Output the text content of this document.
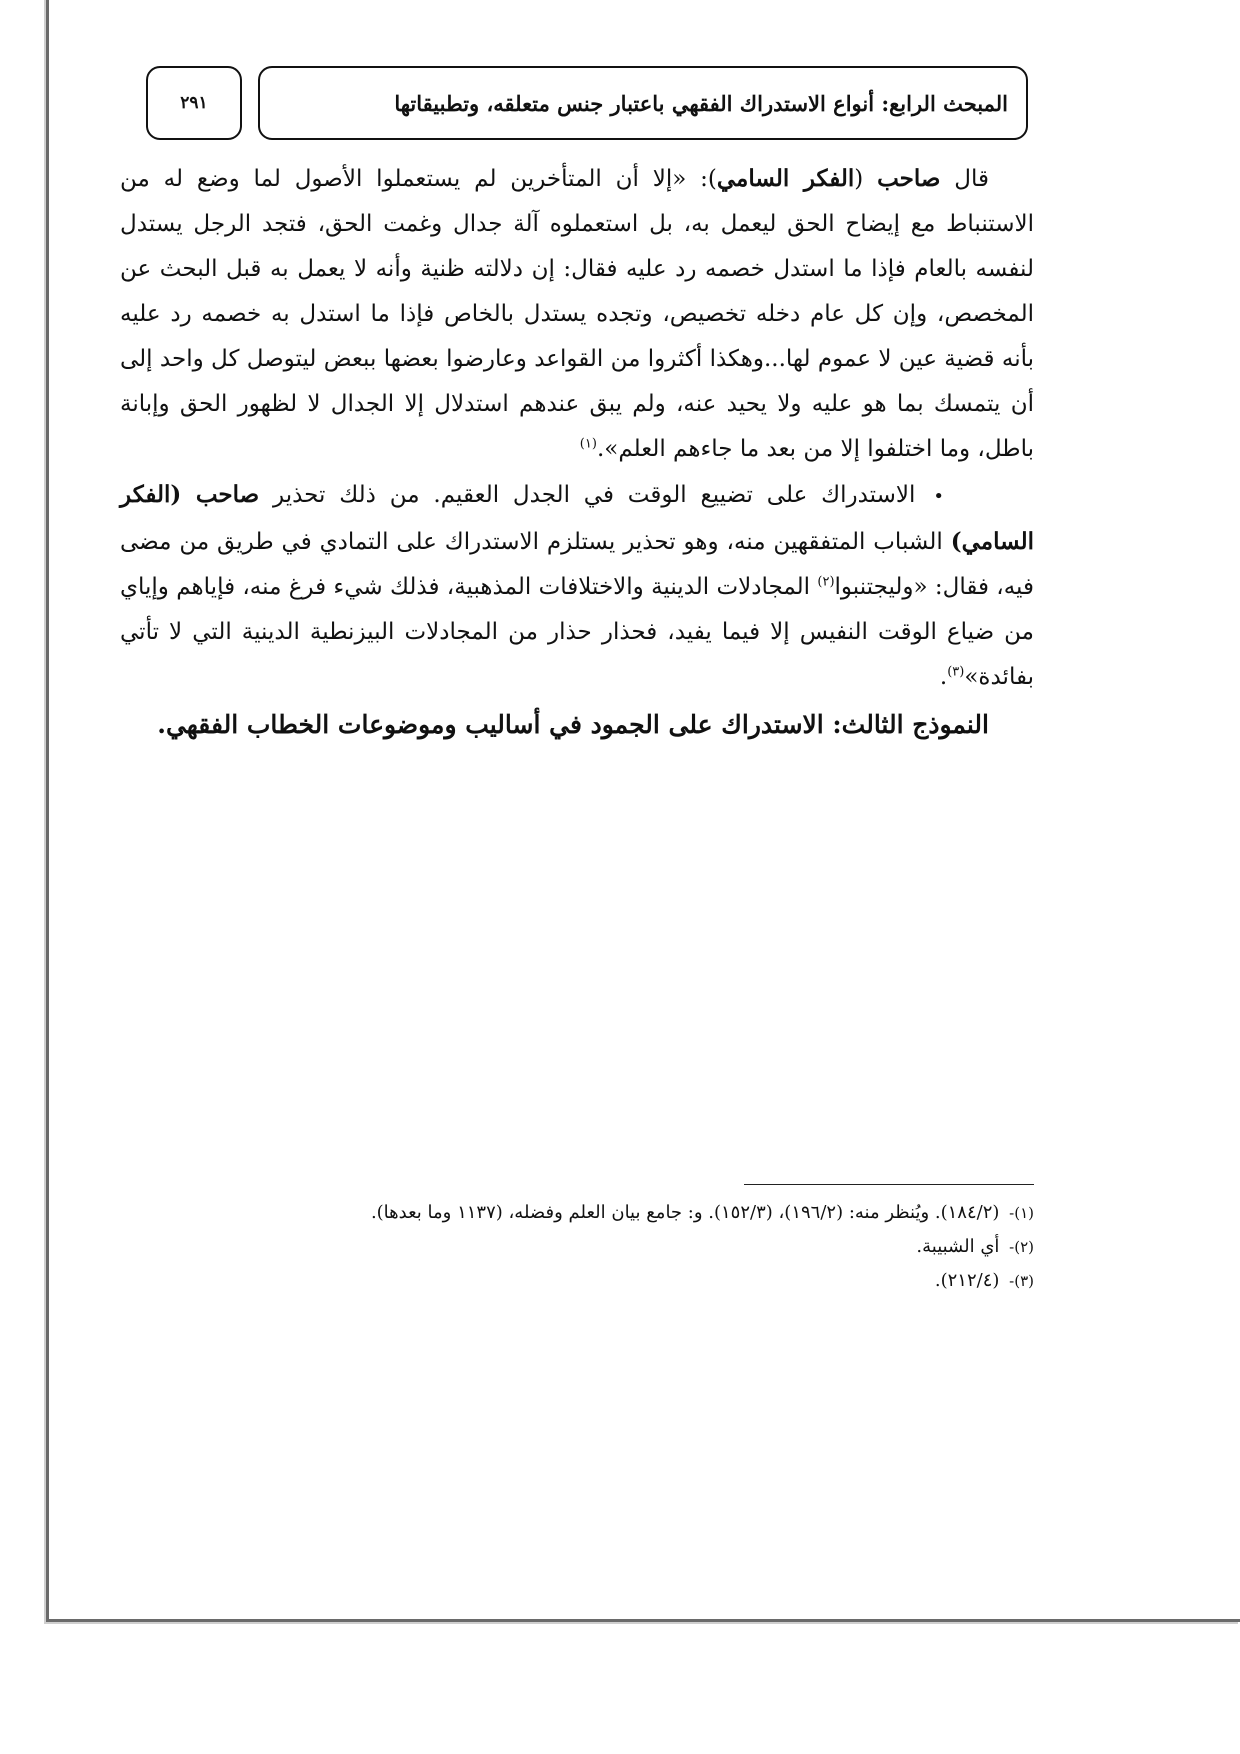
المبحث الرابع: أنواع الاستدراك الفقهي باعتبار جنس متعلقه، وتطبيقاتها
٢٩١

قال صاحب (الفكر السامي): «إلا أن المتأخرين لم يستعملوا الأصول لما وضع له من الاستنباط مع إيضاح الحق ليعمل به، بل استعملوه آلة جدال وغمت الحق، فتجد الرجل يستدل لنفسه بالعام فإذا ما استدل خصمه رد عليه فقال: إن دلالته ظنية وأنه لا يعمل به قبل البحث عن المخصص، وإن كل عام دخله تخصيص، وتجده يستدل بالخاص فإذا ما استدل به خصمه رد عليه بأنه قضية عين لا عموم لها...وهكذا أكثروا من القواعد وعارضوا بعضها ببعض ليتوصل كل واحد إلى أن يتمسك بما هو عليه ولا يحيد عنه، ولم يبق عندهم استدلال إلا الجدال لا لظهور الحق وإبانة باطل، وما اختلفوا إلا من بعد ما جاءهم العلم».$^{(١)}$

•الاستدراك على تضييع الوقت في الجدل العقيم. من ذلك تحذير صاحب (الفكر السامي) الشباب المتفقهين منه، وهو تحذير يستلزم الاستدراك على التمادي في طريق من مضى فيه، فقال: «وليجتنبوا$^{(٢)}$ المجادلات الدينية والاختلافات المذهبية، فذلك شيء فرغ منه، فإياهم وإياي من ضياع الوقت النفيس إلا فيما يفيد، فحذار حذار من المجادلات البيزنطية الدينية التي لا تأتي بفائدة»$^{(٣)}$.

النموذج الثالث: الاستدراك على الجمود في أساليب وموضوعات الخطاب الفقهي.

(١)- (١٨٤/٢). ويُنظر منه: (١٩٦/٢)، (١٥٢/٣). و: جامع بيان العلم وفضله، (١١٣٧ وما بعدها).

(٢)- أي الشبيبة.

(٣)- (٢١٢/٤).
